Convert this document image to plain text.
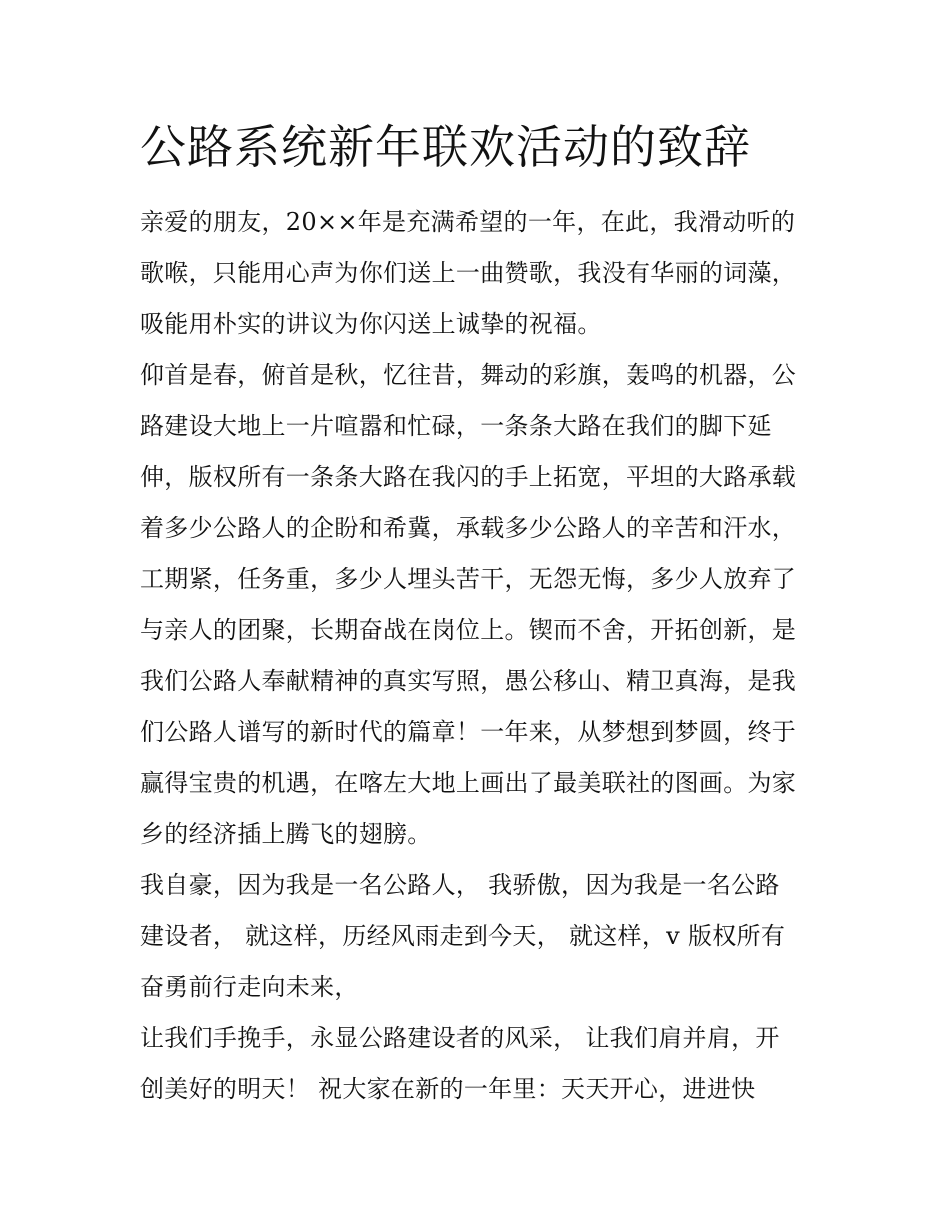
公路系统新年联欢活动的致辞

亲爱的朋友，20××年是充满希望的一年，在此，我滑动听的

歌喉，只能用心声为你们送上一曲赞歌，我没有华丽的词藻，

吸能用朴实的讲议为你闪送上诚挚的祝福。

仰首是春，俯首是秋，忆往昔，舞动的彩旗，轰鸣的机器，公

路建设大地上一片喧嚣和忙碌，一条条大路在我们的脚下延

伸，版权所有一条条大路在我闪的手上拓宽，平坦的大路承载

着多少公路人的企盼和希冀，承载多少公路人的辛苦和汗水，

工期紧，任务重，多少人埋头苦干，无怨无悔，多少人放弃了

与亲人的团聚，长期奋战在岗位上。锲而不舍，开拓创新，是

我们公路人奉献精神的真实写照，愚公移山、精卫真海，是我

们公路人谱写的新时代的篇章！一年来，从梦想到梦圆，终于

赢得宝贵的机遇，在喀左大地上画出了最美联社的图画。为家

乡的经济插上腾飞的翅膀。

我自豪，因为我是一名公路人， 我骄傲，因为我是一名公路

建设者， 就这样，历经风雨走到今天， 就这样，v 版权所有

奋勇前行走向未来，

让我们手挽手，永显公路建设者的风采， 让我们肩并肩，开

创美好的明天！ 祝大家在新的一年里：天天开心，进进快
